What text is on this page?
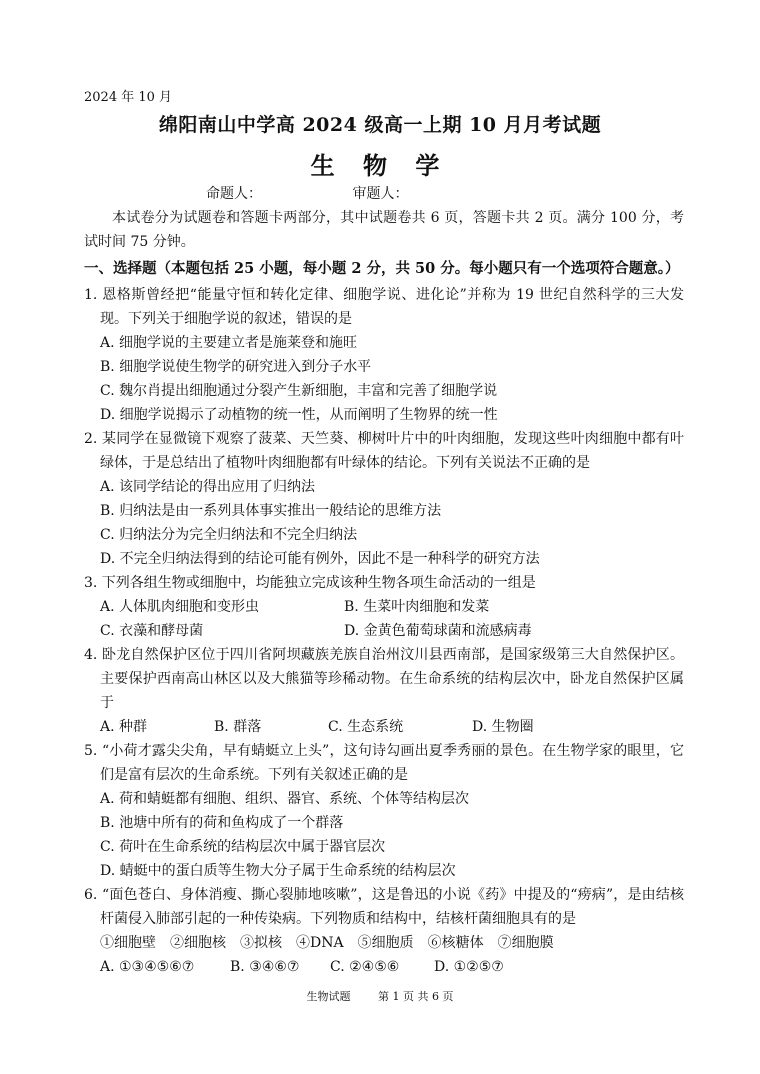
2024 年 10 月
绵阳南山中学高 2024 级高一上期 10 月月考试题
生 物 学
命题人：	审题人：
本试卷分为试题卷和答题卡两部分，其中试题卷共 6 页，答题卡共 2 页。满分 100 分，考试时间 75 分钟。
一、选择题（本题包括 25 小题，每小题 2 分，共 50 分。每小题只有一个选项符合题意。）
1. 恩格斯曾经把“能量守恒和转化定律、细胞学说、进化论”并称为 19 世纪自然科学的三大发现。下列关于细胞学说的叙述，错误的是
A. 细胞学说的主要建立者是施莱登和施旺
B. 细胞学说使生物学的研究进入到分子水平
C. 魏尔肖提出细胞通过分裂产生新细胞，丰富和完善了细胞学说
D. 细胞学说揭示了动植物的统一性，从而阐明了生物界的统一性
2. 某同学在显微镜下观察了菠菜、天竺葵、柳树叶片中的叶肉细胞，发现这些叶肉细胞中都有叶绿体，于是总结出了植物叶肉细胞都有叶绿体的结论。下列有关说法不正确的是
A. 该同学结论的得出应用了归纳法
B. 归纳法是由一系列具体事实推出一般结论的思维方法
C. 归纳法分为完全归纳法和不完全归纳法
D. 不完全归纳法得到的结论可能有例外，因此不是一种科学的研究方法
3. 下列各组生物或细胞中，均能独立完成该种生物各项生命活动的一组是
A. 人体肌肉细胞和变形虫	B. 生菜叶肉细胞和发菜
C. 衣藻和酵母菌	D. 金黄色葡萄球菌和流感病毒
4. 卧龙自然保护区位于四川省阿坝藏族羌族自治州汶川县西南部，是国家级第三大自然保护区。主要保护西南高山林区以及大熊猫等珍稀动物。在生命系统的结构层次中，卧龙自然保护区属于
A. 种群	B. 群落	C. 生态系统	D. 生物圈
5. “小荷才露尖尖角，早有蜻蜓立上头”，这句诗勾画出夏季秀丽的景色。在生物学家的眼里，它们是富有层次的生命系统。下列有关叙述正确的是
A. 荷和蜻蜓都有细胞、组织、器官、系统、个体等结构层次
B. 池塘中所有的荷和鱼构成了一个群落
C. 荷叶在生命系统的结构层次中属于器官层次
D. 蜻蜓中的蛋白质等生物大分子属于生命系统的结构层次
6. “面色苍白、身体消瘦、撕心裂肺地咳嗽”，这是鲁迅的小说《药》中提及的“痨病”，是由结核杆菌侵入肺部引起的一种传染病。下列物质和结构中，结核杆菌细胞具有的是
①细胞壁　②细胞核　③拟核　④DNA　⑤细胞质　⑥核糖体　⑦细胞膜
A. ①③④⑤⑥⑦	B. ③④⑥⑦ C. ②④⑤⑥ D. ①②⑤⑦
生物试题	第 1 页 共 6 页
